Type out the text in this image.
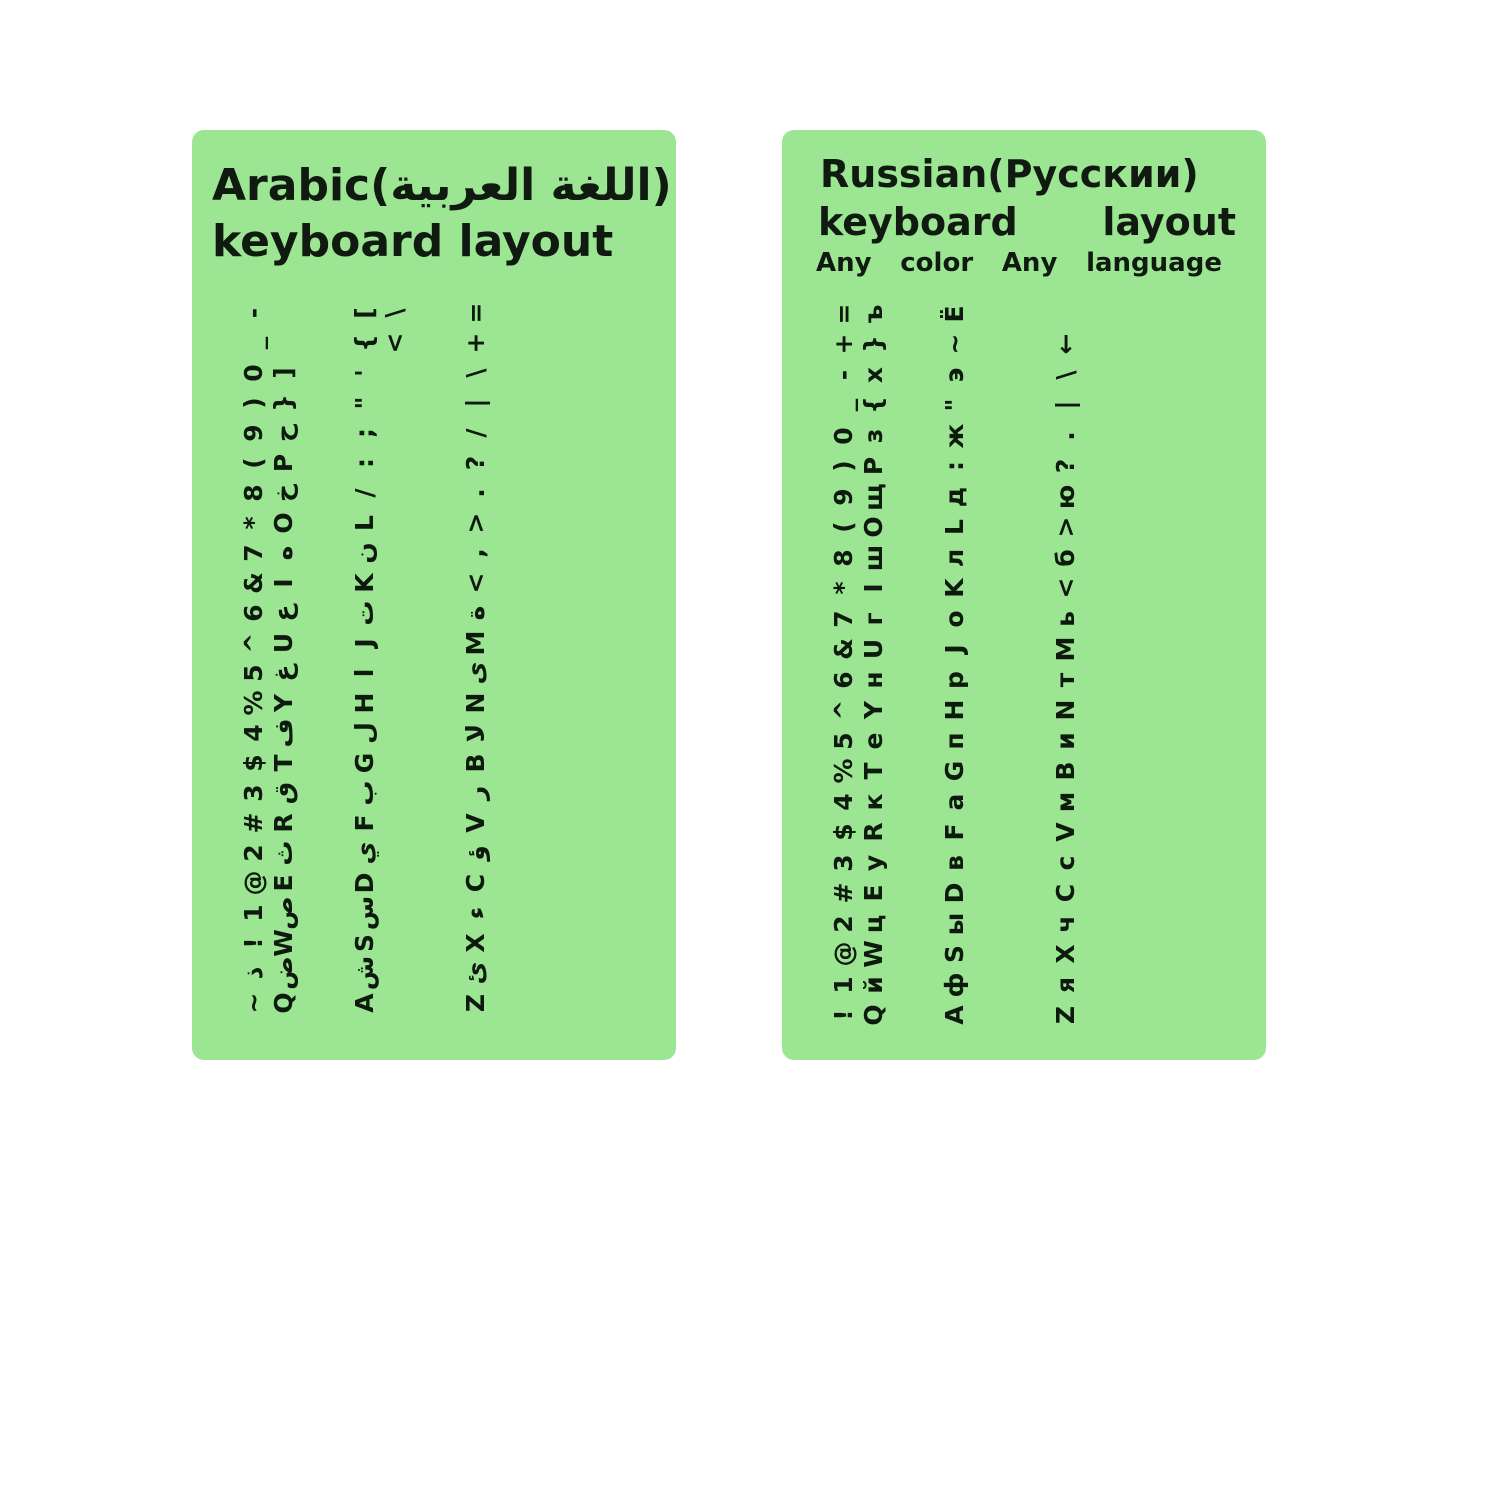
Arabic(اللغة العربية)
keyboard layout
_
-
{
[
<
\
+
=
)
0
}
]
"
'
|
\
(
9
P
ح
:
;
?
/
*
8
O
خ
L
/
>
.
&
7
I
ه
K
ن
<
,
^
6
U
ع
J
ت
M
ة
%
5
Y
غ
H
ا
N
ى
$
4
T
ف
G
ل
B
لا
#
3
R
ق
F
ب
V
ر
@
2
E
ث
D
ي
C
ؤ
!
1
W
ص
S
س
X
ء
~
ذ
Q
ض
A
ش
Z
ئ
Russian(Русскии)
keyboard layout
Any color Any language
+
=
}
ъ
~
Ё
←
_
-
{
х
"
э
|
\
)
0
P
з
:
ж
?
.
(
9
O
щ
L
д
>
ю
*
8
I
ш
K
л
<
б
&
7
U
г
J
о
M
ь
^
6
Y
н
H
р
N
т
%
5
T
е
G
п
B
и
$
4
R
к
F
а
V
м
#
3
E
у
D
в
C
с
@
2
W
ц
S
ы
X
ч
!
1
Q
й
A
ф
Z
я
